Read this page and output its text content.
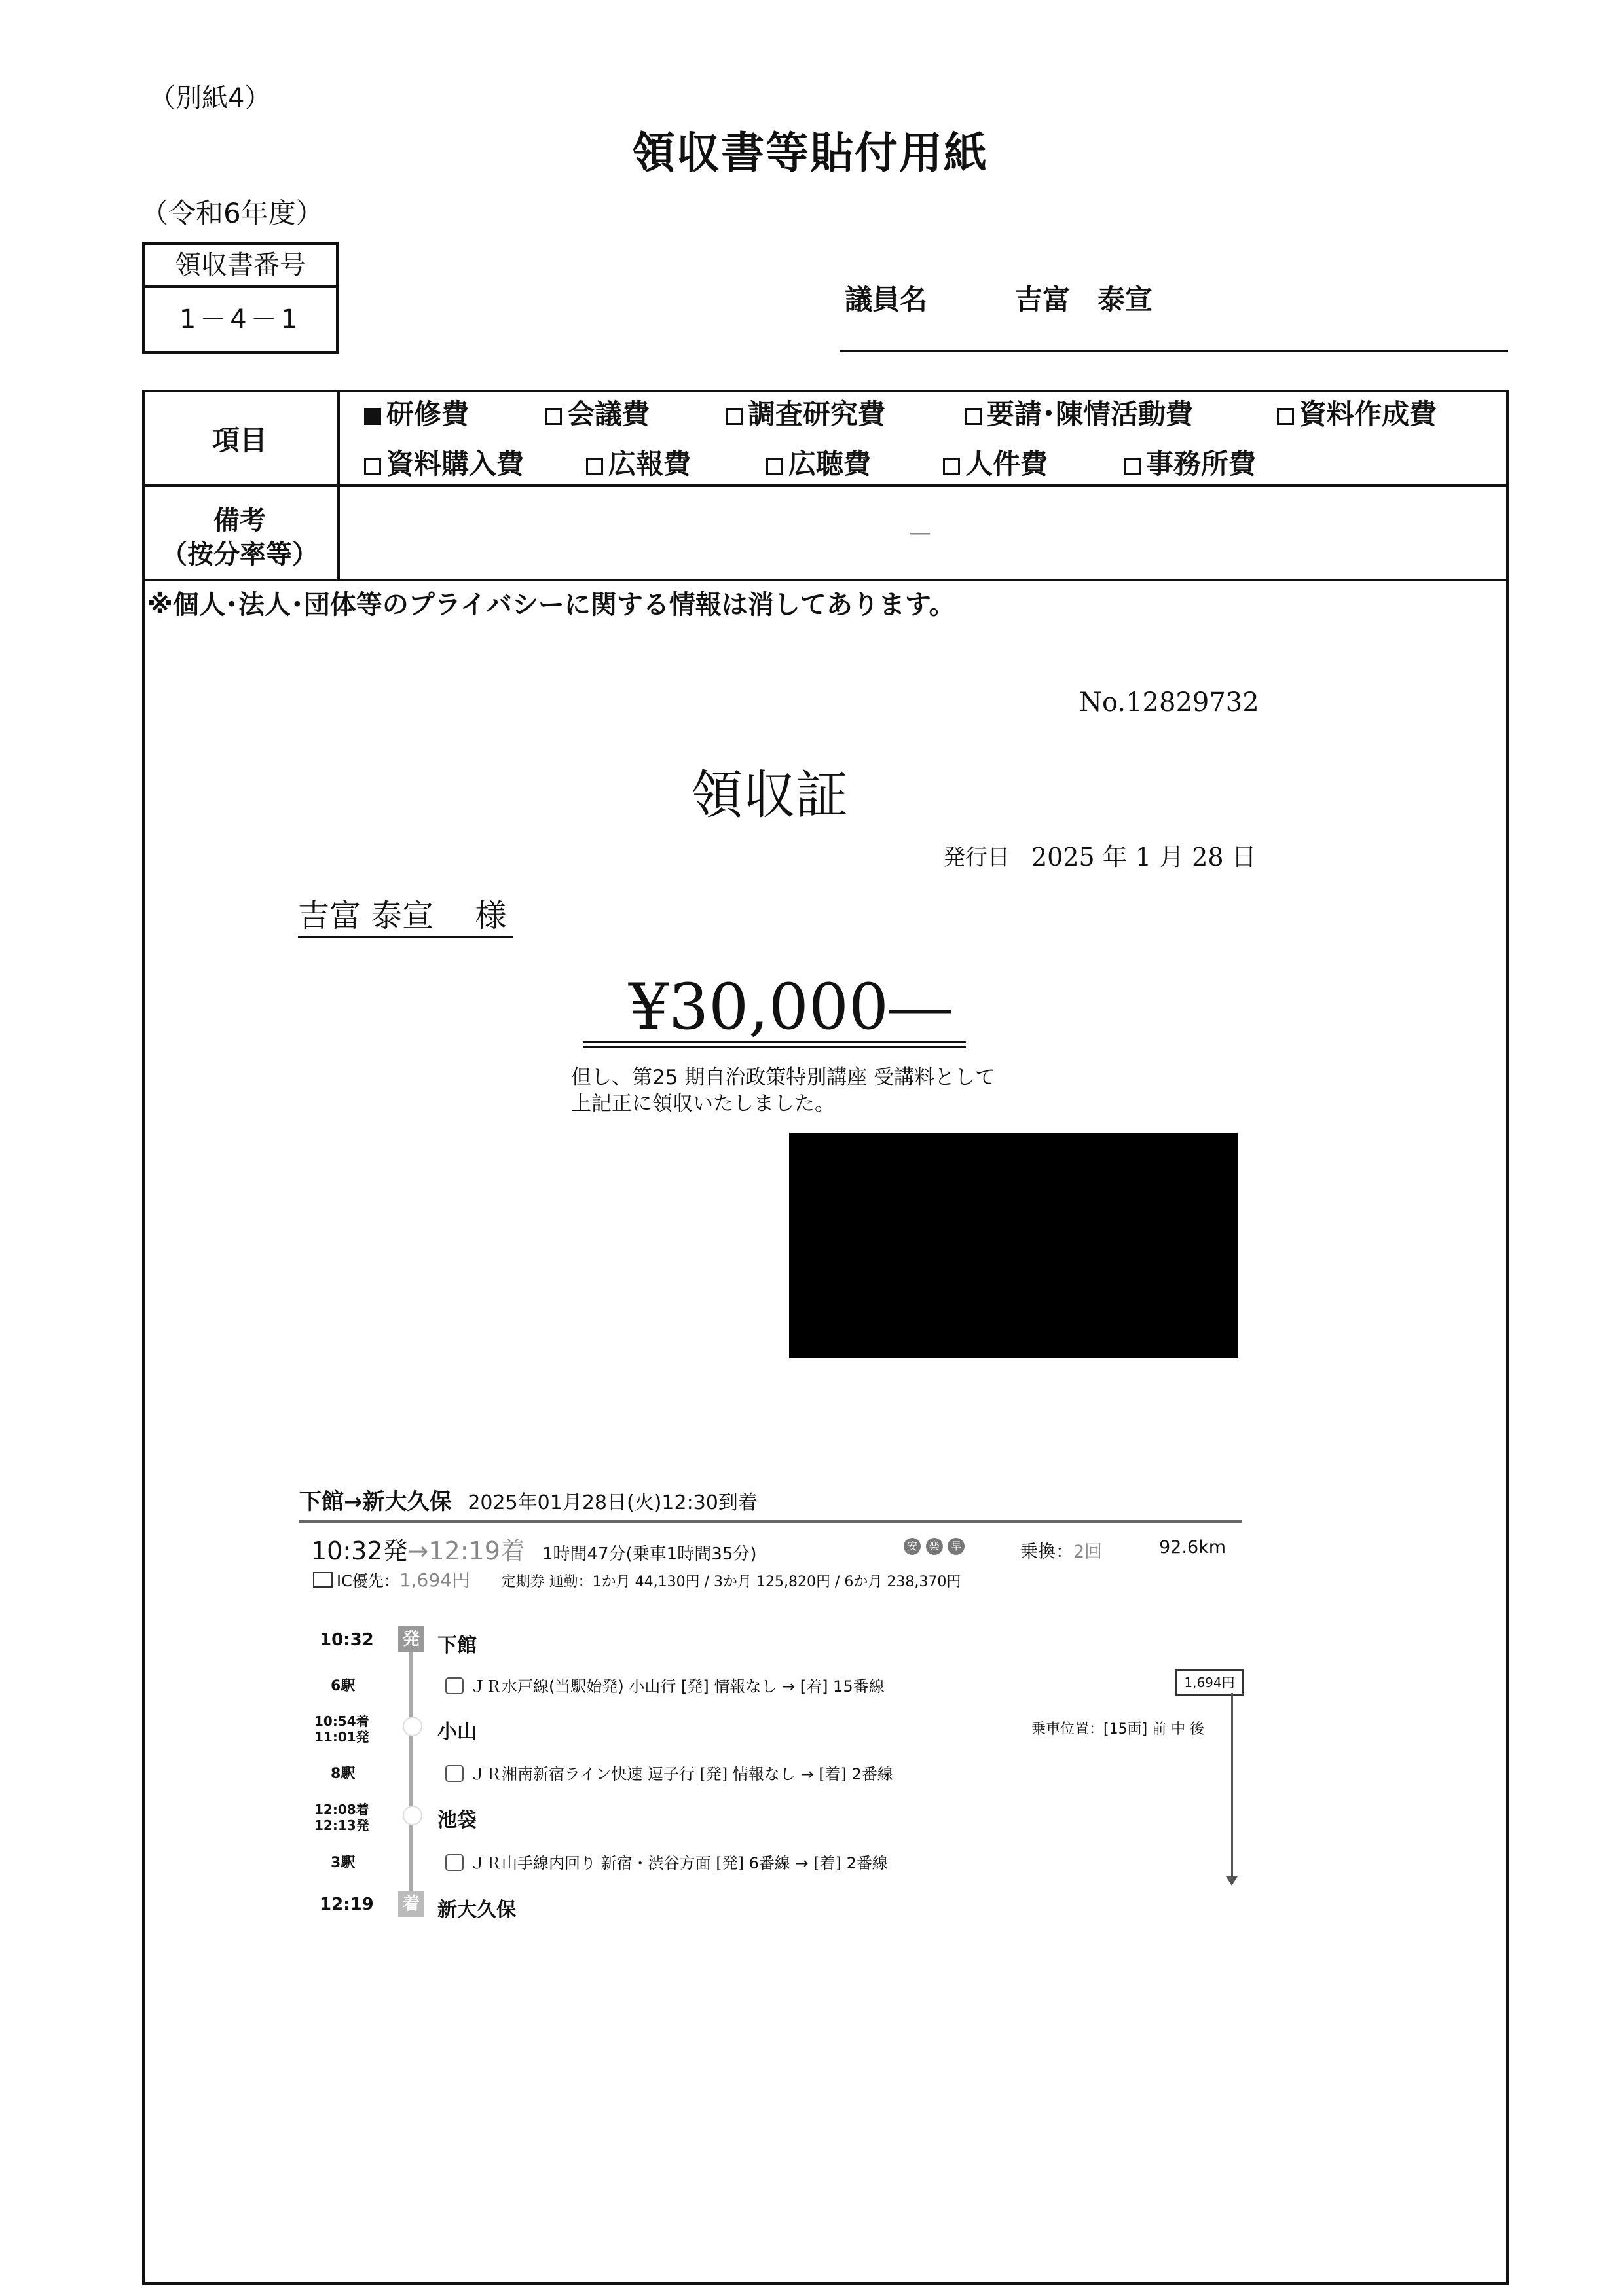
（別紙4）
領収書等貼付用紙
（令和6年度）
領収書番号
1－4－1
議員名	吉富　泰宣
項目
研修費	会議費	調査研究費	要請･陳情活動費	資料作成費
資料購入費	広報費	広聴費	人件費	事務所費
備考
（按分率等）
－
※個人･法人･団体等のプライバシーに関する情報は消してあります。
No.12829732
領収証
発行日 2025 年 1 月 28 日
吉富 泰宣　 様
¥30,000―
但し、第25 期自治政策特別講座 受講料として
上記正に領収いたしました。
下館→新大久保 2025年01月28日(火)12:30到着
10:32発→12:19着 1時間47分(乗車1時間35分)	安 楽 早	乗換：2回	92.6km
IC優先：1,694円 定期券 通勤：1か月 44,130円 / 3か月 125,820円 / 6か月 238,370円
10:32 発 下館
6駅	ＪＲ水戸線(当駅始発) 小山行 [発] 情報なし → [着] 15番線
10:54着
11:01発	小山
8駅	ＪＲ湘南新宿ライン快速 逗子行 [発] 情報なし → [着] 2番線
12:08着
12:13発	池袋
3駅	ＪＲ山手線内回り 新宿・渋谷方面 [発] 6番線 → [着] 2番線
12:19 着 新大久保
1,694円
乗車位置：[15両] 前 中 後
